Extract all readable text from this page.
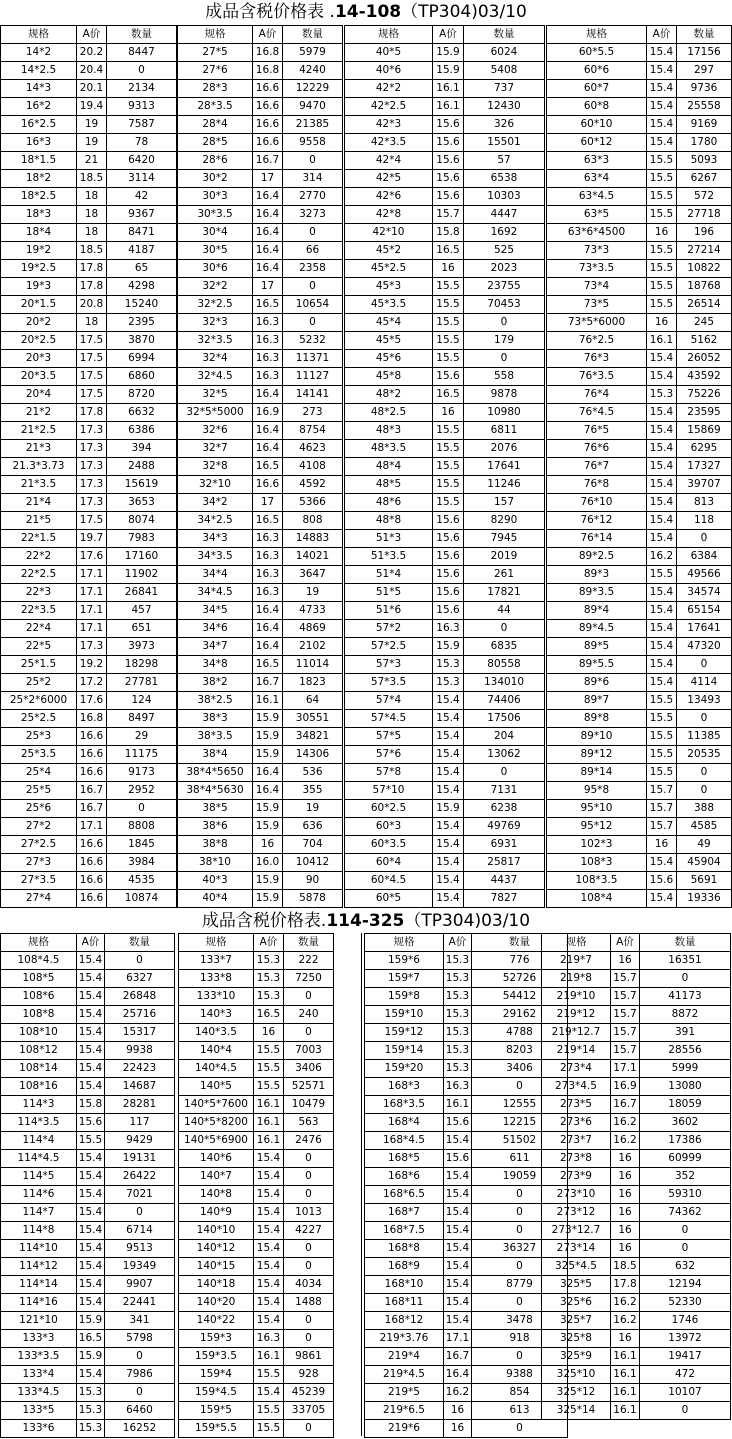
成品含税价格表 .14-108（TP304)03/10
规格	A价	数量
14*2	20.2	8447
14*2.5	20.4	0
14*3	20.1	2134
16*2	19.4	9313
16*2.5	19	7587
16*3	19	78
18*1.5	21	6420
18*2	18.5	3114
18*2.5	18	42
18*3	18	9367
18*4	18	8471
19*2	18.5	4187
19*2.5	17.8	65
19*3	17.8	4298
20*1.5	20.8	15240
20*2	18	2395
20*2.5	17.5	3870
20*3	17.5	6994
20*3.5	17.5	6860
20*4	17.5	8720
21*2	17.8	6632
21*2.5	17.3	6386
21*3	17.3	394
21.3*3.73	17.3	2488
21*3.5	17.3	15619
21*4	17.3	3653
21*5	17.5	8074
22*1.5	19.7	7983
22*2	17.6	17160
22*2.5	17.1	11902
22*3	17.1	26841
22*3.5	17.1	457
22*4	17.1	651
22*5	17.3	3973
25*1.5	19.2	18298
25*2	17.2	27781
25*2*6000	17.6	124
25*2.5	16.8	8497
25*3	16.6	29
25*3.5	16.6	11175
25*4	16.6	9173
25*5	16.7	2952
25*6	16.7	0
27*2	17.1	8808
27*2.5	16.6	1845
27*3	16.6	3984
27*3.5	16.6	4535
27*4	16.6	10874
规格	A价	数量
27*5	16.8	5979
27*6	16.8	4240
28*3	16.6	12229
28*3.5	16.6	9470
28*4	16.6	21385
28*5	16.6	9558
28*6	16.7	0
30*2	17	314
30*3	16.4	2770
30*3.5	16.4	3273
30*4	16.4	0
30*5	16.4	66
30*6	16.4	2358
32*2	17	0
32*2.5	16.5	10654
32*3	16.3	0
32*3.5	16.3	5232
32*4	16.3	11371
32*4.5	16.3	11127
32*5	16.4	14141
32*5*5000	16.9	273
32*6	16.4	8754
32*7	16.4	4623
32*8	16.5	4108
32*10	16.6	4592
34*2	17	5366
34*2.5	16.5	808
34*3	16.3	14883
34*3.5	16.3	14021
34*4	16.3	3647
34*4.5	16.3	19
34*5	16.4	4733
34*6	16.4	4869
34*7	16.4	2102
34*8	16.5	11014
38*2	16.7	1823
38*2.5	16.1	64
38*3	15.9	30551
38*3.5	15.9	34821
38*4	15.9	14306
38*4*5650	16.4	536
38*4*5630	16.4	355
38*5	15.9	19
38*6	15.9	636
38*8	16	704
38*10	16.0	10412
40*3	15.9	90
40*4	15.9	5878
规格	A价	数量
40*5	15.9	6024
40*6	15.9	5408
42*2	16.1	737
42*2.5	16.1	12430
42*3	15.6	326
42*3.5	15.6	15501
42*4	15.6	57
42*5	15.6	6538
42*6	15.6	10303
42*8	15.7	4447
42*10	15.8	1692
45*2	16.5	525
45*2.5	16	2023
45*3	15.5	23755
45*3.5	15.5	70453
45*4	15.5	0
45*5	15.5	179
45*6	15.5	0
45*8	15.6	558
48*2	16.5	9878
48*2.5	16	10980
48*3	15.5	6811
48*3.5	15.5	2076
48*4	15.5	17641
48*5	15.5	11246
48*6	15.5	157
48*8	15.6	8290
51*3	15.6	7945
51*3.5	15.6	2019
51*4	15.6	261
51*5	15.6	17821
51*6	15.6	44
57*2	16.3	0
57*2.5	15.9	6835
57*3	15.3	80558
57*3.5	15.3	134010
57*4	15.4	74406
57*4.5	15.4	17506
57*5	15.4	204
57*6	15.4	13062
57*8	15.4	0
57*10	15.4	7131
60*2.5	15.9	6238
60*3	15.4	49769
60*3.5	15.4	6931
60*4	15.4	25817
60*4.5	15.4	4437
60*5	15.4	7827
规格	A价	数量
60*5.5	15.4	17156
60*6	15.4	297
60*7	15.4	9736
60*8	15.4	25558
60*10	15.4	9169
60*12	15.4	1780
63*3	15.5	5093
63*4	15.5	6267
63*4.5	15.5	572
63*5	15.5	27718
63*6*4500	16	196
73*3	15.5	27214
73*3.5	15.5	10822
73*4	15.5	18768
73*5	15.5	26514
73*5*6000	16	245
76*2.5	16.1	5162
76*3	15.4	26052
76*3.5	15.4	43592
76*4	15.3	75226
76*4.5	15.4	23595
76*5	15.4	15869
76*6	15.4	6295
76*7	15.4	17327
76*8	15.4	39707
76*10	15.4	813
76*12	15.4	118
76*14	15.4	0
89*2.5	16.2	6384
89*3	15.5	49566
89*3.5	15.4	34574
89*4	15.4	65154
89*4.5	15.4	17641
89*5	15.4	47320
89*5.5	15.4	0
89*6	15.4	4114
89*7	15.5	13493
89*8	15.5	0
89*10	15.5	11385
89*12	15.5	20535
89*14	15.5	0
95*8	15.7	0
95*10	15.7	388
95*12	15.7	4585
102*3	16	49
108*3	15.4	45904
108*3.5	15.6	5691
108*4	15.4	19336
成品含税价格表.114-325（TP304)03/10
规格	A价	数量
108*4.5	15.4	0
108*5	15.4	6327
108*6	15.4	26848
108*8	15.4	25716
108*10	15.4	15317
108*12	15.4	9938
108*14	15.4	22423
108*16	15.4	14687
114*3	15.8	28281
114*3.5	15.6	117
114*4	15.5	9429
114*4.5	15.4	19131
114*5	15.4	26422
114*6	15.4	7021
114*7	15.4	0
114*8	15.4	6714
114*10	15.4	9513
114*12	15.4	19349
114*14	15.4	9907
114*16	15.4	22441
121*10	15.9	341
133*3	16.5	5798
133*3.5	15.9	0
133*4	15.4	7986
133*4.5	15.3	0
133*5	15.3	6460
133*6	15.3	16252
规格	A价	数量
133*7	15.3	222
133*8	15.3	7250
133*10	15.3	0
140*3	16.5	240
140*3.5	16	0
140*4	15.5	7003
140*4.5	15.5	3406
140*5	15.5	52571
140*5*7600	16.1	10479
140*5*8200	16.1	563
140*5*6900	16.1	2476
140*6	15.4	0
140*7	15.4	0
140*8	15.4	0
140*9	15.4	1013
140*10	15.4	4227
140*12	15.4	0
140*15	15.4	0
140*18	15.4	4034
140*20	15.4	1488
140*22	15.4	0
159*3	16.3	0
159*3.5	16.1	9861
159*4	15.5	928
159*4.5	15.4	45239
159*5	15.5	33705
159*5.5	15.5	0
规格	A价	数量
159*6	15.3	776
159*7	15.3	52726
159*8	15.3	54412
159*10	15.3	29162
159*12	15.3	4788
159*14	15.3	8203
159*20	15.3	3406
168*3	16.3	0
168*3.5	16.1	12555
168*4	15.6	12215
168*4.5	15.4	51502
168*5	15.6	611
168*6	15.4	19059
168*6.5	15.4	0
168*7	15.4	0
168*7.5	15.4	0
168*8	15.4	36327
168*9	15.4	0
168*10	15.4	8779
168*11	15.4	0
168*12	15.4	3478
219*3.76	17.1	918
219*4	16.7	0
219*4.5	16.4	9388
219*5	16.2	854
219*6.5	16	613
219*6	16	0
规格	A价	数量
219*7	16	16351
219*8	15.7	0
219*10	15.7	41173
219*12	15.7	8872
219*12.7	15.7	391
219*14	15.7	28556
273*4	17.1	5999
273*4.5	16.9	13080
273*5	16.7	18059
273*6	16.2	3602
273*7	16.2	17386
273*8	16	60999
273*9	16	352
273*10	16	59310
273*12	16	74362
273*12.7	16	0
273*14	16	0
325*4.5	18.5	632
325*5	17.8	12194
325*6	16.2	52330
325*7	16.2	1746
325*8	16	13972
325*9	16.1	19417
325*10	16.1	472
325*12	16.1	10107
325*14	16.1	0
